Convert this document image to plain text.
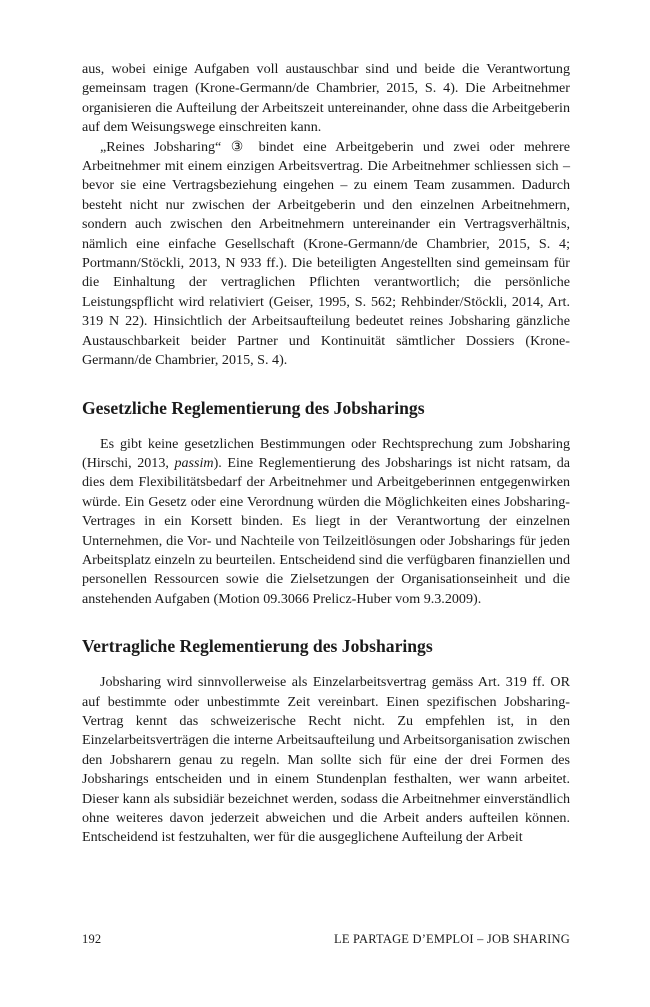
aus, wobei einige Aufgaben voll austauschbar sind und beide die Verantwortung gemeinsam tragen (Krone-Germann/de Chambrier, 2015, S. 4). Die Arbeitnehmer organisieren die Aufteilung der Arbeitszeit untereinander, ohne dass die Arbeitgeberin auf dem Weisungswege einschreiten kann.

„Reines Jobsharing“ ③ bindet eine Arbeitgeberin und zwei oder mehrere Arbeitnehmer mit einem einzigen Arbeitsvertrag. Die Arbeitnehmer schliessen sich – bevor sie eine Vertragsbeziehung eingehen – zu einem Team zusammen. Dadurch besteht nicht nur zwischen der Arbeitgeberin und den einzelnen Arbeitnehmern, sondern auch zwischen den Arbeitnehmern untereinander ein Vertragsverhältnis, nämlich eine einfache Gesellschaft (Krone-Germann/de Chambrier, 2015, S. 4; Portmann/Stöckli, 2013, N 933 ff.). Die beteiligten Angestellten sind gemeinsam für die Einhaltung der vertraglichen Pflichten verantwortlich; die persönliche Leistungspflicht wird relativiert (Geiser, 1995, S. 562; Rehbinder/Stöckli, 2014, Art. 319 N 22). Hinsichtlich der Arbeitsaufteilung bedeutet reines Jobsharing gänzliche Austauschbarkeit beider Partner und Kontinuität sämtlicher Dossiers (Krone-Germann/de Chambrier, 2015, S. 4).

Gesetzliche Reglementierung des Jobsharings

Es gibt keine gesetzlichen Bestimmungen oder Rechtsprechung zum Jobsharing (Hirschi, 2013, passim). Eine Reglementierung des Jobsharings ist nicht ratsam, da dies dem Flexibilitätsbedarf der Arbeitnehmer und Arbeitgeberinnen entgegenwirken würde. Ein Gesetz oder eine Verordnung würden die Möglichkeiten eines Jobsharing-Vertrages in ein Korsett binden. Es liegt in der Verantwortung der einzelnen Unternehmen, die Vor- und Nachteile von Teilzeitlösungen oder Jobsharings für jeden Arbeitsplatz einzeln zu beurteilen. Entscheidend sind die verfügbaren finanziellen und personellen Ressourcen sowie die Zielsetzungen der Organisationseinheit und die anstehenden Aufgaben (Motion 09.3066 Prelicz-Huber vom 9.3.2009).

Vertragliche Reglementierung des Jobsharings

Jobsharing wird sinnvollerweise als Einzelarbeitsvertrag gemäss Art. 319 ff. OR auf bestimmte oder unbestimmte Zeit vereinbart. Einen spezifischen Jobsharing-Vertrag kennt das schweizerische Recht nicht. Zu empfehlen ist, in den Einzelarbeitsverträgen die interne Arbeitsaufteilung und Arbeitsorganisation zwischen den Jobsharern genau zu regeln. Man sollte sich für eine der drei Formen des Jobsharings entscheiden und in einem Stundenplan festhalten, wer wann arbeitet. Dieser kann als subsidiär bezeichnet werden, sodass die Arbeitnehmer einverständlich ohne weiteres davon jederzeit abweichen und die Arbeit anders aufteilen können. Entscheidend ist festzuhalten, wer für die ausgeglichene Aufteilung der Arbeit

192	LE PARTAGE D’EMPLOI – JOB SHARING
